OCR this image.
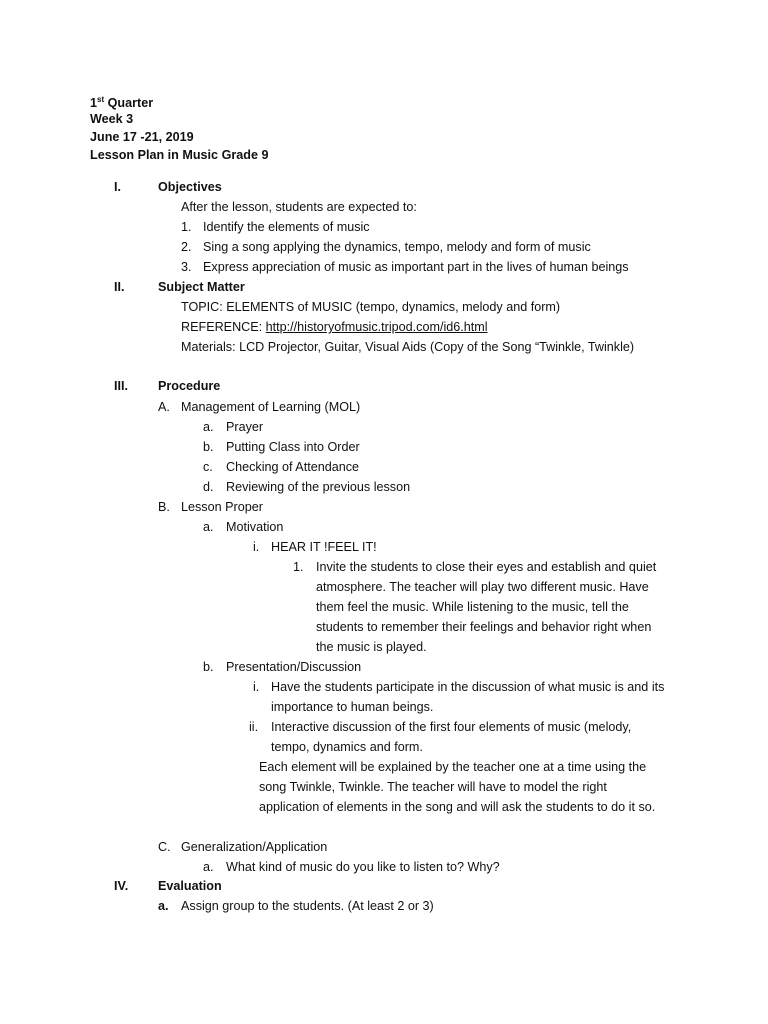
1st Quarter
Week 3
June 17 -21, 2019
Lesson Plan in Music Grade 9
I.	Objectives
After the lesson, students are expected to:
1. Identify the elements of music
2. Sing a song applying the dynamics, tempo, melody and form of music
3. Express appreciation of music as important part in the lives of human beings
II.	Subject Matter
TOPIC: ELEMENTS of MUSIC (tempo, dynamics, melody and form)
REFERENCE: http://historyofmusic.tripod.com/id6.html
Materials: LCD Projector, Guitar, Visual Aids (Copy of the Song “Twinkle, Twinkle)
III. Procedure
A. Management of Learning (MOL)
a. Prayer
b. Putting Class into Order
c. Checking of Attendance
d. Reviewing of the previous lesson
B. Lesson Proper
a. Motivation
i. HEAR IT !FEEL IT!
1. Invite the students to close their eyes and establish and quiet
atmosphere. The teacher will play two different music. Have
them feel the music. While listening to the music, tell the
students to remember their feelings and behavior right when
the music is played.
b. Presentation/Discussion
i. Have the students participate in the discussion of what music is and its
importance to human beings.
ii. Interactive discussion of the first four elements of music (melody,
tempo, dynamics and form.
Each element will be explained by the teacher one at a time using the
song Twinkle, Twinkle. The teacher will have to model the right
application of elements in the song and will ask the students to do it so.
C. Generalization/Application
a. What kind of music do you like to listen to? Why?
IV. Evaluation
a. Assign group to the students. (At least 2 or 3)
